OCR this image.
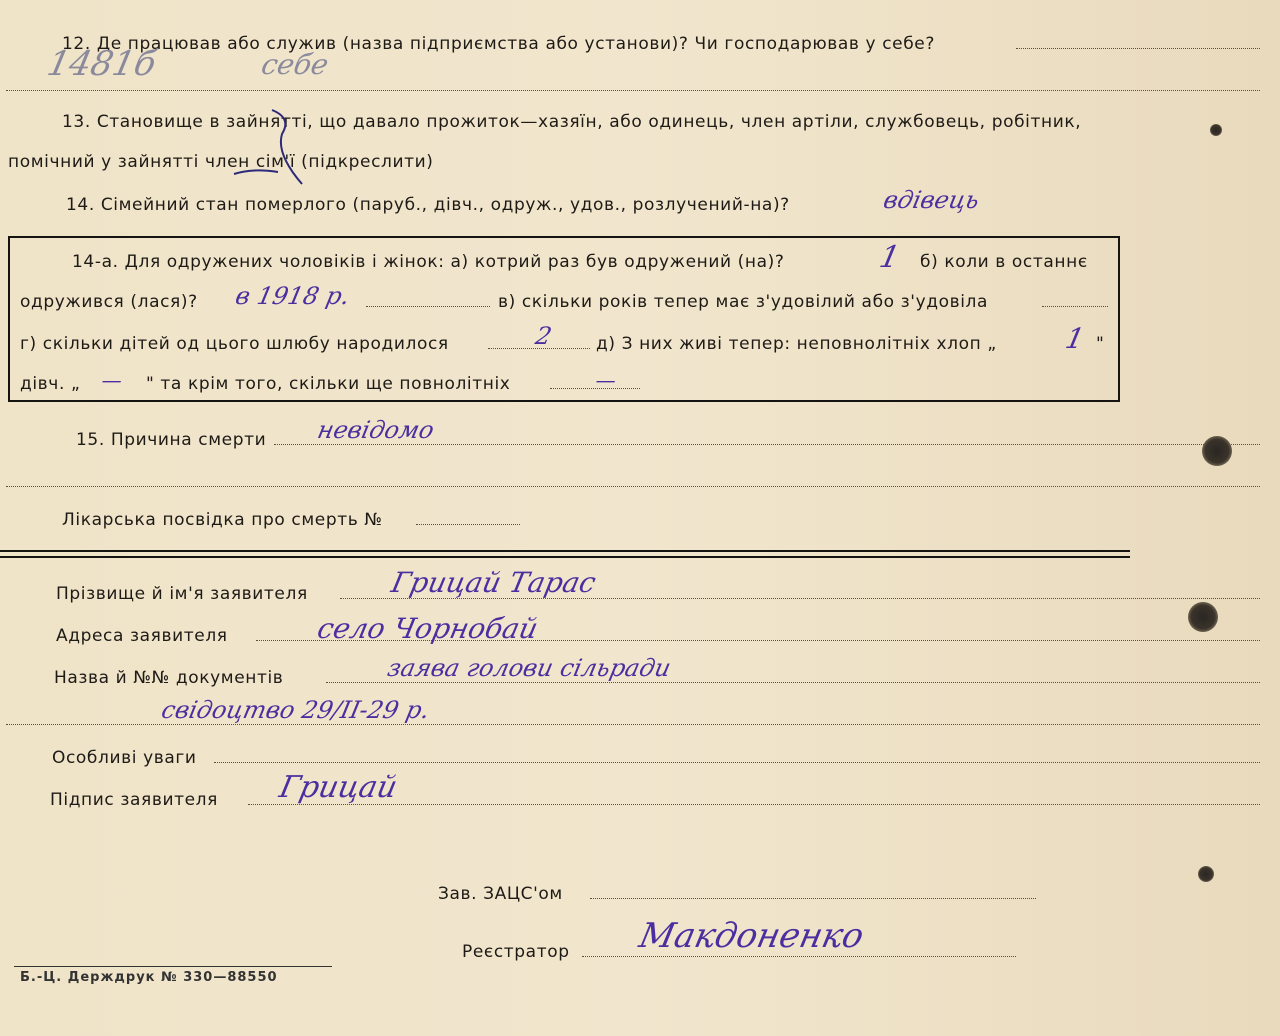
12. Де працював або служив (назва підприємства або установи)? Чи господарював у себе?
1481б	себе
13. Становище в зайнятті, що давало прожиток—хазяїн, або одинець, член артіли, службовець, робітник,
помічний у зайнятті член сім'ї (підкреслити)
14. Сімейний стан померлого (паруб., дівч., одруж., удов., розлучений-на)?	вдівець
14-а. Для одружених чоловіків і жінок: а) котрий раз був одружений (на)?	1 б) коли в останнє
одружився (лася)? в 1918 р.	в) скільки років тепер має з'удовілий або з'удовіла
г) скільки дітей од цього шлюбу народилося	2 д) З них живі тепер: неповнолітніх хлоп „ 1 "
дівч. „ — " та крім того, скільки ще повнолітніх	—
15. Причина смерти невідомо
Лікарська посвідка про смерть №
Прізвище й ім'я заявителя	Грицай Тарас
Адреса заявителя	село Чорнобай
Назва й №№ документів	заява голови сільради
свідоцтво 29/ІІ-29 р.
Особливі уваги
Підпис заявителя Грицай
Зав. ЗАЦС'ом
Реєстратор Макдоненко
Б.-Ц. Держдрук № 330—88550
